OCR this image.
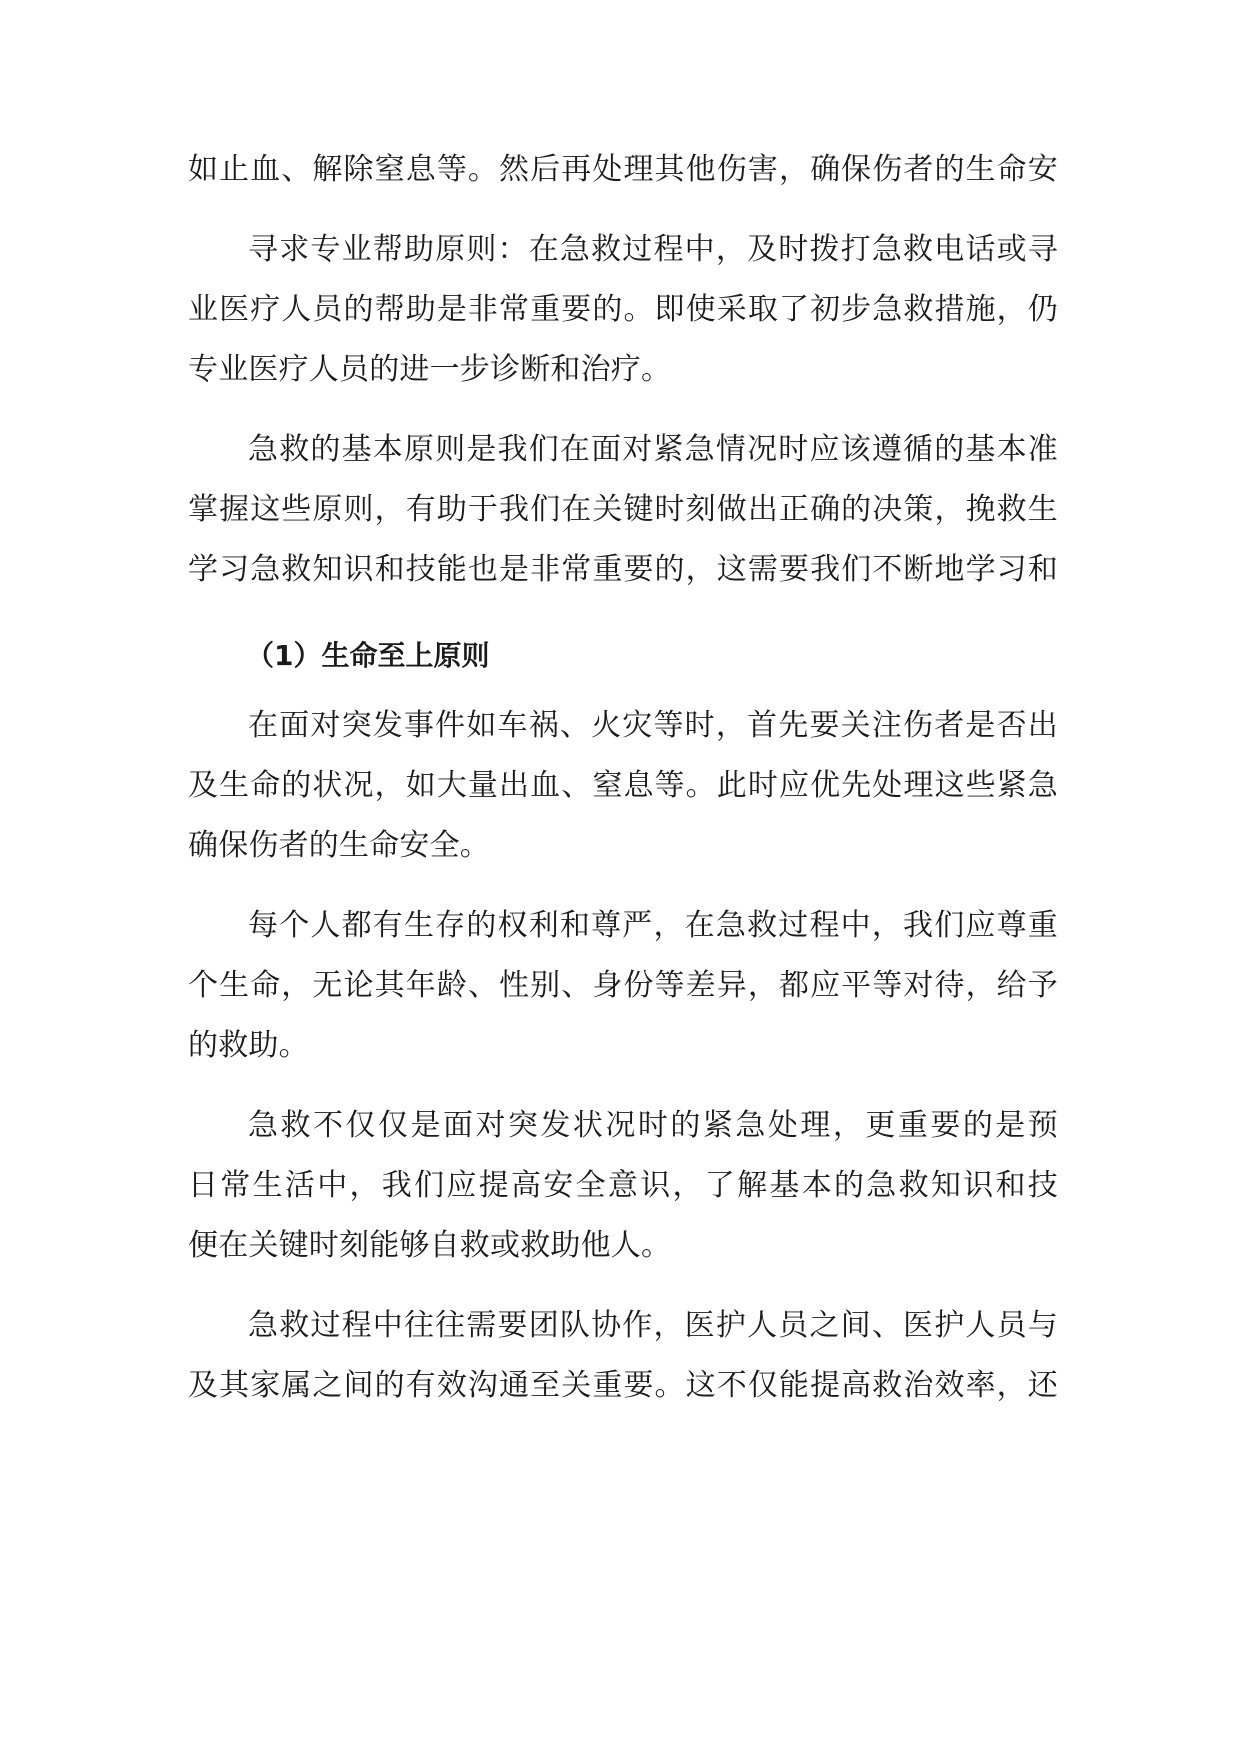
如止血、解除窒息等。然后再处理其他伤害，确保伤者的生命安
寻求专业帮助原则：在急救过程中，及时拨打急救电话或寻
业医疗人员的帮助是非常重要的。即使采取了初步急救措施，仍
专业医疗人员的进一步诊断和治疗。
急救的基本原则是我们在面对紧急情况时应该遵循的基本准
掌握这些原则，有助于我们在关键时刻做出正确的决策，挽救生
学习急救知识和技能也是非常重要的，这需要我们不断地学习和
（1）生命至上原则
在面对突发事件如车祸、火灾等时，首先要关注伤者是否出
及生命的状况，如大量出血、窒息等。此时应优先处理这些紧急
确保伤者的生命安全。
每个人都有生存的权利和尊严，在急救过程中，我们应尊重
个生命，无论其年龄、性别、身份等差异，都应平等对待，给予
的救助。
急救不仅仅是面对突发状况时的紧急处理，更重要的是预
日常生活中，我们应提高安全意识，了解基本的急救知识和技
便在关键时刻能够自救或救助他人。
急救过程中往往需要团队协作，医护人员之间、医护人员与
及其家属之间的有效沟通至关重要。这不仅能提高救治效率，还
